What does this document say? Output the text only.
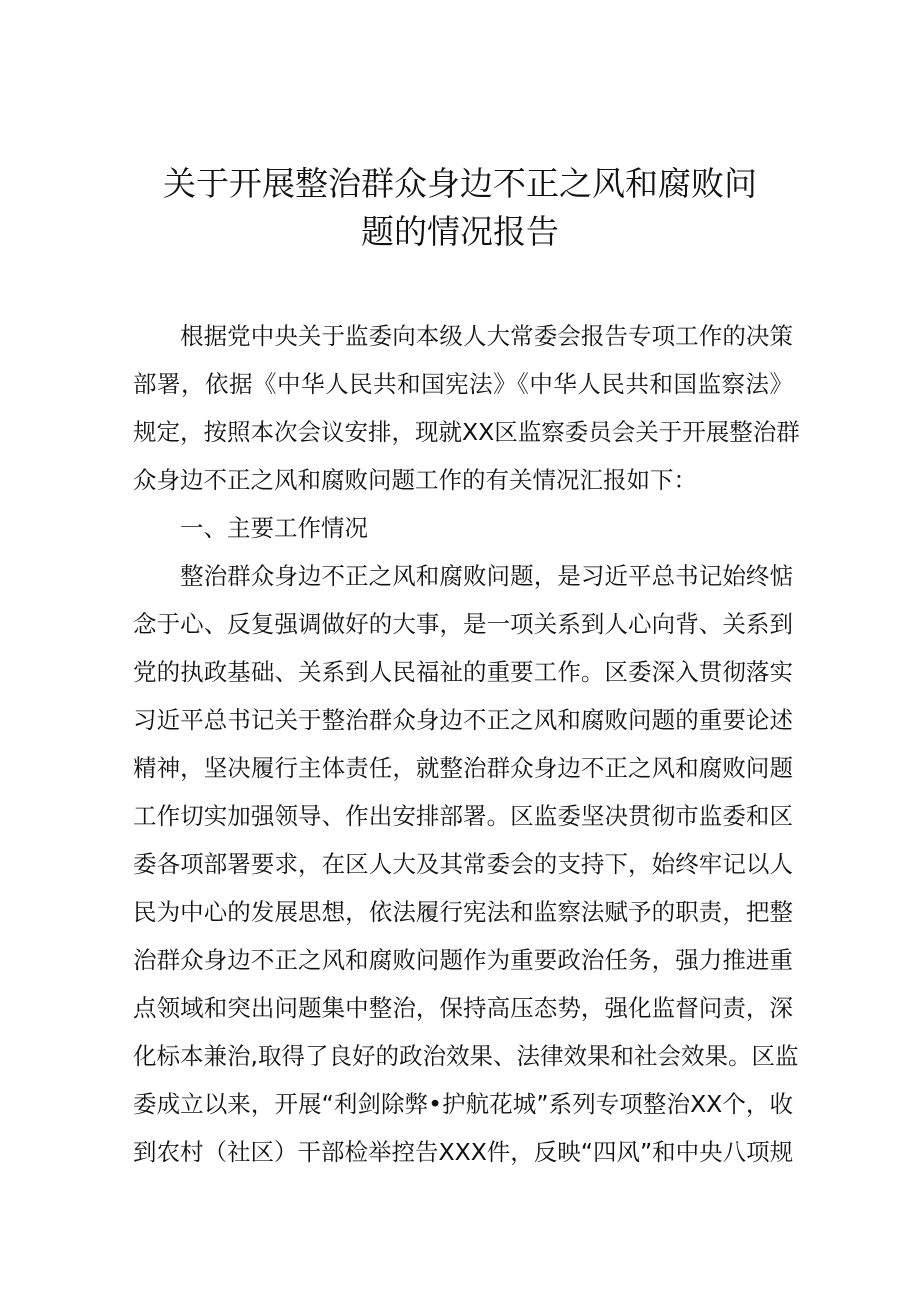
关于开展整治群众身边不正之风和腐败问
题的情况报告
根据党中央关于监委向本级人大常委会报告专项工作的决策
部署，依据《中华人民共和国宪法》《中华人民共和国监察法》
规定，按照本次会议安排，现就XX区监察委员会关于开展整治群
众身边不正之风和腐败问题工作的有关情况汇报如下：
一、主要工作情况
整治群众身边不正之风和腐败问题，是习近平总书记始终惦
念于心、反复强调做好的大事，是一项关系到人心向背、关系到
党的执政基础、关系到人民福祉的重要工作。区委深入贯彻落实
习近平总书记关于整治群众身边不正之风和腐败问题的重要论述
精神，坚决履行主体责任，就整治群众身边不正之风和腐败问题
工作切实加强领导、作出安排部署。区监委坚决贯彻市监委和区
委各项部署要求，在区人大及其常委会的支持下，始终牢记以人
民为中心的发展思想，依法履行宪法和监察法赋予的职责，把整
治群众身边不正之风和腐败问题作为重要政治任务，强力推进重
点领域和突出问题集中整治，保持高压态势，强化监督问责，深
化标本兼治,取得了良好的政治效果、法律效果和社会效果。区监
委成立以来，开展“利剑除弊•护航花城”系列专项整治XX个，收
到农村（社区）干部检举控告XXX件，反映“四风”和中央八项规
